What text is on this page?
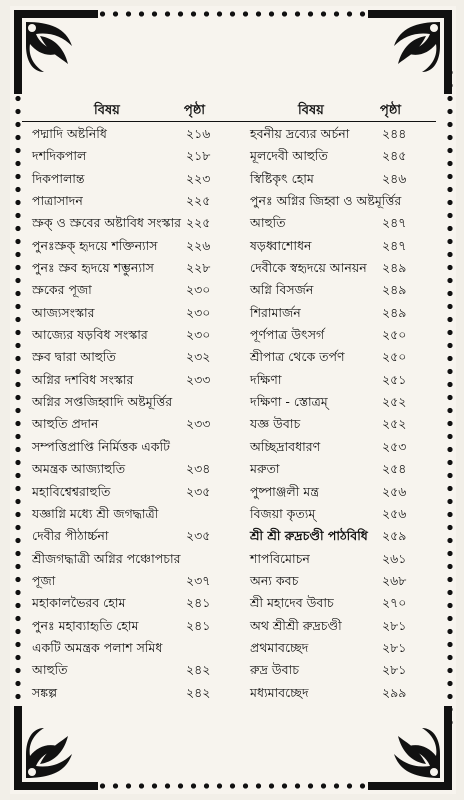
বিষয়	পৃষ্ঠা	বিষয়	পৃষ্ঠা
পদ্মাদি অষ্টনিধি	২১৬
দশদিকপাল	২১৮
দিকপালান্ত	২২৩
পাত্রাসাদন	২২৫
স্রুক্ ও স্রুবের অষ্টাবিধ সংস্কার ২২৫
পুনঃস্রুক্ হৃদয়ে শক্তিন্যাস ২২৬
পুনঃ স্রুব হৃদয়ে শম্ভুন্যাস	২২৮
স্রুকের পূজা	২৩০
আজ্যসংস্কার	২৩০
আজ্যের ষড়বিধ সংস্কার	২৩০
স্রুব দ্বারা আহুতি	২৩২
অগ্নির দশবিধ সংস্কার	২৩৩
অগ্নির সপ্তজিহ্বাদি অষ্টমূর্ত্তির
আহুতি প্রদান	২৩৩
সম্পত্তিপ্রাপ্তি নির্মিত্তক একটি
অমন্ত্রক আজ্যাহুতি	২৩৪
মহাবিশ্বেশ্বরাহুতি	২৩৫
যজ্ঞাগ্নি মধ্যে শ্রী জগদ্ধাত্রী
দেবীর পীঠার্চ্চনা	২৩৫
শ্রীজগদ্ধাত্রী অগ্নির পঞ্চোপচার
পূজা	২৩৭
মহাকালভৈরব হোম	২৪১
পুনঃ মহাব্যাহৃতি হোম	২৪১
একটি অমন্ত্রক পলাশ সমিধ
আহুতি	২৪২
সঙ্কল্প	২৪২
হবনীয় দ্রব্যের অর্চনা	২৪৪
মূলদেবী আহুতি	২৪৫
স্বিষ্টিকৃৎ হোম	২৪৬
পুনঃ অগ্নির জিহ্বা ও অষ্টমূর্ত্তির
আহুতি	২৪৭
ষড়ধ্বাশোধন	২৪৭
দেবীকে স্বহৃদয়ে আনয়ন ২৪৯
অগ্নি বিসর্জন	২৪৯
শিরামার্জন	২৪৯
পূর্ণপাত্র উৎসর্গ	২৫০
শ্রীপাত্র থেকে তর্পণ	২৫০
দক্ষিণা	২৫১
দক্ষিণা - স্তোত্রম্	২৫২
যজ্ঞ উবাচ	২৫২
অচ্ছিদ্রাবধারণ	২৫৩
মরুতা	২৫৪
পুষ্পাঞ্জলী মন্ত্র	২৫৬
বিজয়া কৃত্যম্	২৫৬
শ্রী শ্রী রুদ্রচণ্ডী পাঠবিধি ২৫৯
শাপবিমোচন	২৬১
অন্য কবচ	২৬৮
শ্রী মহাদেব উবাচ	২৭০
অথ শ্রীশ্রী রুদ্রচণ্ডী	২৮১
প্রথমাবচ্ছেদ	২৮১
রুদ্র উবাচ	২৮১
মধ্যমাবচ্ছেদ	২৯৯
